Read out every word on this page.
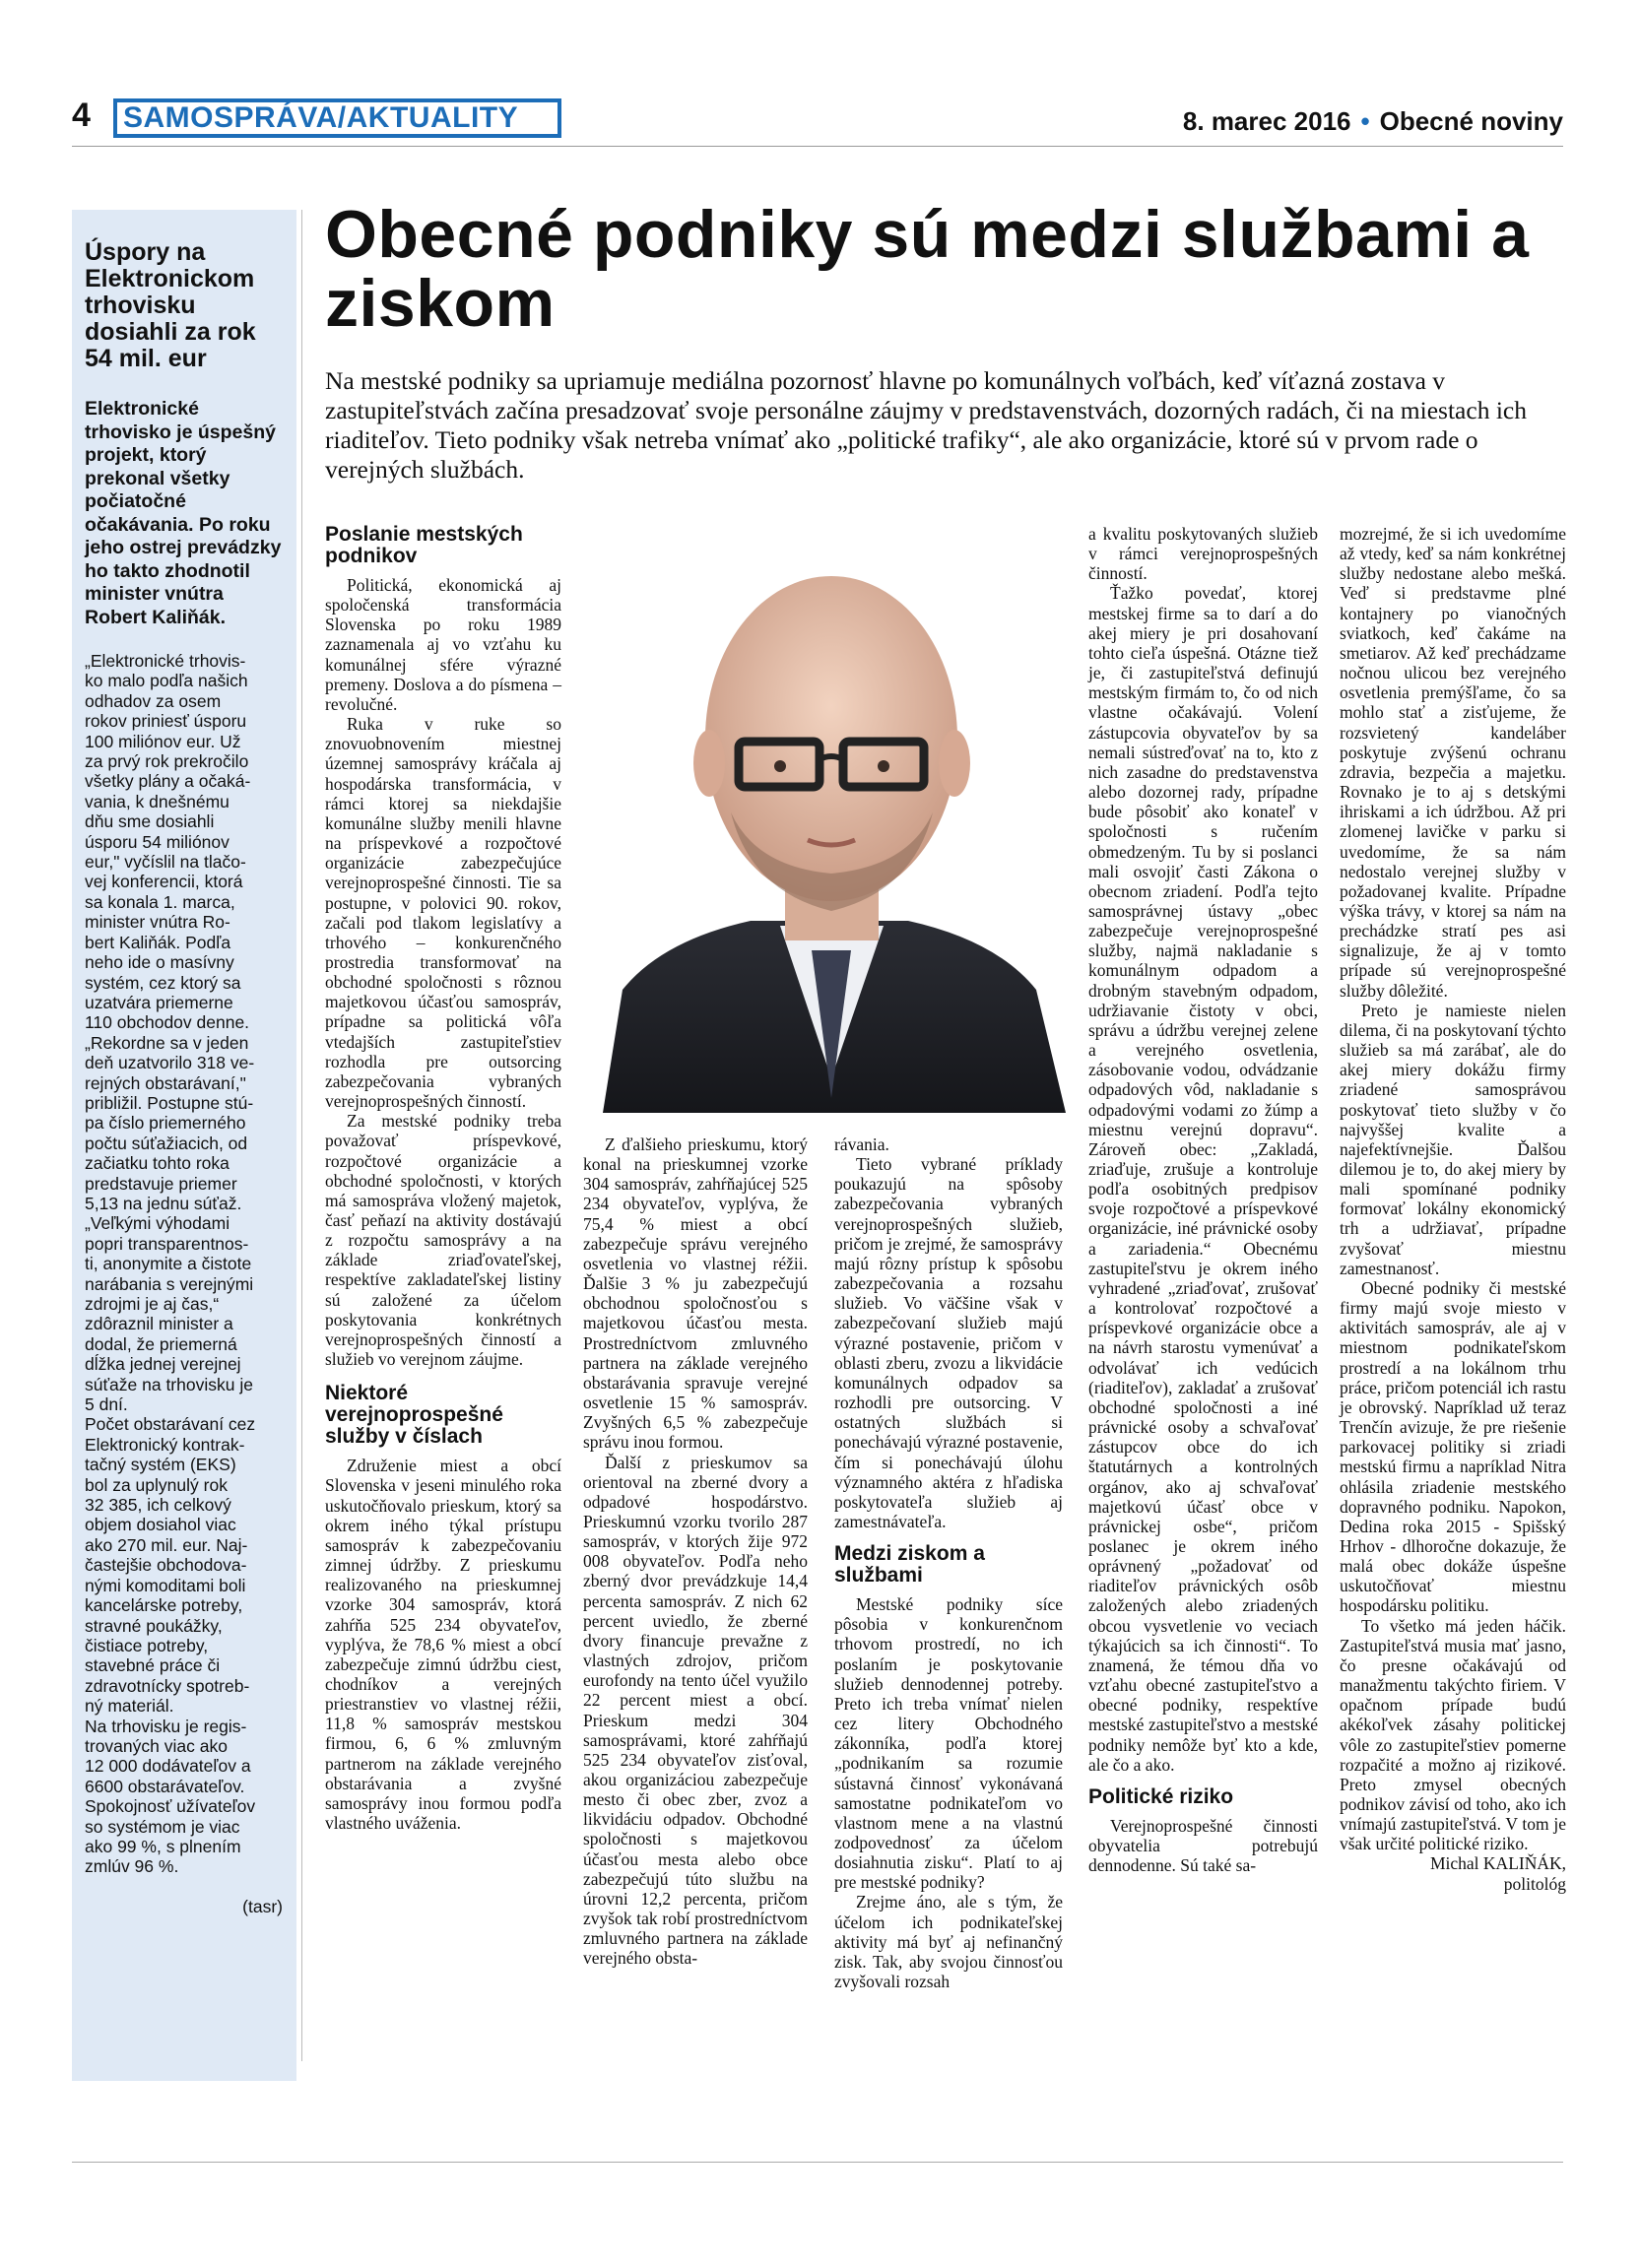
4	SAMOSPRÁVA/AKTUALITY	8. marec 2016 • Obecné noviny
Úspory na Elektronickom trhovisku dosiahli za rok 54 mil. eur

Elektronické trhovisko je úspešný projekt, ktorý prekonal všetky počiatočné očakávania. Po roku jeho ostrej prevádzky ho takto zhodnotil minister vnútra Robert Kaliňák.

„Elektronické trhovis-
ko malo podľa našich
odhadov za osem
rokov priniesť úsporu
100 miliónov eur. Už
za prvý rok prekročilo
všetky plány a očaká-
vania, k dnešnému
dňu sme dosiahli
úsporu 54 miliónov
eur," vyčíslil na tlačo-
vej konferencii, ktorá
sa konala 1. marca,
minister vnútra Ro-
bert Kaliňák. Podľa
neho ide o masívny
systém, cez ktorý sa
uzatvára priemerne
110 obchodov denne.
„Rekordne sa v jeden
deň uzatvorilo 318 ve-
rejných obstarávaní,"
približil. Postupne stú-
pa číslo priemerného
počtu súťažiacich, od
začiatku tohto roka
predstavuje priemer
5,13 na jednu súťaž.
„Veľkými výhodami
popri transparentnos-
ti, anonymite a čistote
narábania s verejnými
zdrojmi je aj čas,“
zdôraznil minister a
dodal, že priemerná
dĺžka jednej verejnej
súťaže na trhovisku je
5 dní.
Počet obstarávaní cez
Elektronický kontrak-
tačný systém (EKS)
bol za uplynulý rok
32 385, ich celkový
objem dosiahol viac
ako 270 mil. eur. Naj-
častejšie obchodova-
nými komoditami boli
kancelárske potreby,
stravné poukážky,
čistiace potreby,
stavebné práce či
zdravotnícky spotreb-
ný materiál.
Na trhovisku je regis-
trovaných viac ako
12 000 dodávateľov a
6600 obstarávateľov.
Spokojnosť užívateľov
so systémom je viac
ako 99 %, s plnením
zmlúv 96 %.

(tasr)
Obecné podniky sú medzi službami a ziskom

Na mestské podniky sa upriamuje mediálna pozornosť hlavne po komunálnych voľbách, keď víťazná zostava v zastupiteľstvách začína presadzovať svoje personálne záujmy v predstavenstvách, dozorných radách, či na miestach ich riaditeľov. Tieto podniky však netreba vnímať ako „politické trafiky“, ale ako organizácie, ktoré sú v prvom rade o verejných službách.

Poslanie mestských podnikov

Politická, ekonomická aj spoločenská transformácia Slovenska po roku 1989 zaznamenala aj vo vzťahu ku komunálnej sfére výrazné premeny. Doslova a do písmena – revolučné.

Ruka v ruke so znovuobnovením miestnej územnej samosprávy kráčala aj hospodárska transformácia, v rámci ktorej sa niekdajšie komunálne služby menili hlavne na príspevkové a rozpočtové organizácie zabezpečujúce verejnoprospešné činnosti. Tie sa postupne, v polovici 90. rokov, začali pod tlakom legislatívy a trhového – konkurenčného prostredia transformovať na obchodné spoločnosti s rôznou majetkovou účasťou samospráv, prípadne sa politická vôľa vtedajších zastupiteľstiev rozhodla pre outsorcing zabezpečovania vybraných verejnoprospešných činností.

Za mestské podniky treba považovať príspevkové, rozpočtové organizácie a obchodné spoločnosti, v ktorých má samospráva vložený majetok, časť peňazí na aktivity dostávajú z rozpočtu samosprávy a na základe zriaďovateľskej, respektíve zakladateľskej listiny sú založené za účelom poskytovania konkrétnych verejnoprospešných činností a služieb vo verejnom záujme.

Niektoré verejnoprospešné služby v číslach

Združenie miest a obcí Slovenska v jeseni minulého roka uskutočňovalo prieskum, ktorý sa okrem iného týkal prístupu samospráv k zabezpečovaniu zimnej údržby. Z prieskumu realizovaného na prieskumnej vzorke 304 samospráv, ktorá zahŕňa 525 234 obyvateľov, vyplýva, že 78,6 % miest a obcí zabezpečuje zimnú údržbu ciest, chodníkov a verejných priestranstiev vo vlastnej réžii, 11,8 % samospráv mestskou firmou, 6, 6 % zmluvným partnerom na základe verejného obstarávania a zvyšné samosprávy inou formou podľa vlastného uváženia.

Z ďalšieho prieskumu, ktorý konal na prieskumnej vzorke 304 samospráv, zahŕňajúcej 525 234 obyvateľov, vyplýva, že 75,4 % miest a obcí zabezpečuje správu verejného osvetlenia vo vlastnej réžii. Ďalšie 3 % ju zabezpečujú obchodnou spoločnosťou s majetkovou účasťou mesta. Prostredníctvom zmluvného partnera na základe verejného obstarávania spravuje verejné osvetlenie 15 % samospráv. Zvyšných 6,5 % zabezpečuje správu inou formou.

Ďalší z prieskumov sa orientoval na zberné dvory a odpadové hospodárstvo. Prieskumnú vzorku tvorilo 287 samospráv, v ktorých žije 972 008 obyvateľov. Podľa neho zberný dvor prevádzkuje 14,4 percenta samospráv. Z nich 62 percent uviedlo, že zberné dvory financuje prevažne z vlastných zdrojov, pričom eurofondy na tento účel využilo 22 percent miest a obcí. Prieskum medzi 304 samosprávami, ktoré zahŕňajú 525 234 obyvateľov zisťoval, akou organizáciou zabezpečuje mesto či obec zber, zvoz a likvidáciu odpadov. Obchodné spoločnosti s majetkovou účasťou mesta alebo obce zabezpečujú túto službu na úrovni 12,2 percenta, pričom zvyšok tak robí prostredníctvom zmluvného partnera na základe verejného obsta-

rávania.

Tieto vybrané príklady poukazujú na spôsoby zabezpečovania vybraných verejnoprospešných služieb, pričom je zrejmé, že samosprávy majú rôzny prístup k spôsobu zabezpečovania a rozsahu služieb. Vo väčšine však v zabezpečovaní služieb majú výrazné postavenie, pričom v oblasti zberu, zvozu a likvidácie komunálnych odpadov sa rozhodli pre outsorcing. V ostatných službách si ponechávajú výrazné postavenie, čím si ponechávajú úlohu významného aktéra z hľadiska poskytovateľa služieb aj zamestnávateľa.

Medzi ziskom a službami

Mestské podniky síce pôsobia v konkurenčnom trhovom prostredí, no ich poslaním je poskytovanie služieb dennodennej potreby. Preto ich treba vnímať nielen cez litery Obchodného zákonníka, podľa ktorej „podnikaním sa rozumie sústavná činnosť vykonávaná samostatne podnikateľom vo vlastnom mene a na vlastnú zodpovednosť za účelom dosiahnutia zisku“. Platí to aj pre mestské podniky?

Zrejme áno, ale s tým, že účelom ich podnikateľskej aktivity má byť aj nefinančný zisk. Tak, aby svojou činnosťou zvyšovali rozsah

a kvalitu poskytovaných služieb v rámci verejnoprospešných činností.

Ťažko povedať, ktorej mestskej firme sa to darí a do akej miery je pri dosahovaní tohto cieľa úspešná. Otázne tiež je, či zastupiteľstvá definujú mestským firmám to, čo od nich vlastne očakávajú. Volení zástupcovia obyvateľov by sa nemali sústreďovať na to, kto z nich zasadne do predstavenstva alebo dozornej rady, prípadne bude pôsobiť ako konateľ v spoločnosti s ručením obmedzeným. Tu by si poslanci mali osvojiť časti Zákona o obecnom zriadení. Podľa tejto samosprávnej ústavy „obec zabezpečuje verejnoprospešné služby, najmä nakladanie s komunálnym odpadom a drobným stavebným odpadom, udržiavanie čistoty v obci, správu a údržbu verejnej zelene a verejného osvetlenia, zásobovanie vodou, odvádzanie odpadových vôd, nakladanie s odpadovými vodami zo žúmp a miestnu verejnú dopravu“. Zároveň obec: „Zakladá, zriaďuje, zrušuje a kontroluje podľa osobitných predpisov svoje rozpočtové a príspevkové organizácie, iné právnické osoby a zariadenia.“ Obecnému zastupiteľstvu je okrem iného vyhradené „zriaďovať, zrušovať a kontrolovať rozpočtové a príspevkové organizácie obce a na návrh starostu vymenúvať a odvolávať ich vedúcich (riaditeľov), zakladať a zrušovať obchodné spoločnosti a iné právnické osoby a schvaľovať zástupcov obce do ich štatutárnych a kontrolných orgánov, ako aj schvaľovať majetkovú účasť obce v právnickej osbe“, pričom poslanec je okrem iného oprávnený „požadovať od riaditeľov právnických osôb založených alebo zriadených obcou vysvetlenie vo veciach týkajúcich sa ich činnosti“. To znamená, že témou dňa vo vzťahu obecné zastupiteľstvo a obecné podniky, respektíve mestské zastupiteľstvo a mestské podniky nemôže byť kto a kde, ale čo a ako.

Politické riziko

Verejnoprospešné činnosti obyvatelia potrebujú dennodenne. Sú také sa-

mozrejmé, že si ich uvedomíme až vtedy, keď sa nám konkrétnej služby nedostane alebo mešká. Veď si predstavme plné kontajnery po vianočných sviatkoch, keď čakáme na smetiarov. Až keď prechádzame nočnou ulicou bez verejného osvetlenia premýšľame, čo sa mohlo stať a zisťujeme, že rozsvietený kandeláber poskytuje zvýšenú ochranu zdravia, bezpečia a majetku. Rovnako je to aj s detskými ihriskami a ich údržbou. Až pri zlomenej lavičke v parku si uvedomíme, že sa nám nedostalo verejnej služby v požadovanej kvalite. Prípadne výška trávy, v ktorej sa nám na prechádzke stratí pes asi signalizuje, že aj v tomto prípade sú verejnoprospešné služby dôležité.

Preto je namieste nielen dilema, či na poskytovaní týchto služieb sa má zarábať, ale do akej miery dokážu firmy zriadené samosprávou poskytovať tieto služby v čo najvyššej kvalite a najefektívnejšie. Ďalšou dilemou je to, do akej miery by mali spomínané podniky formovať lokálny ekonomický trh a udržiavať, prípadne zvyšovať miestnu zamestnanosť.

Obecné podniky či mestské firmy majú svoje miesto v aktivitách samospráv, ale aj v miestnom podnikateľskom prostredí a na lokálnom trhu práce, pričom potenciál ich rastu je obrovský. Napríklad už teraz Trenčín avizuje, že pre riešenie parkovacej politiky si zriadi mestskú firmu a napríklad Nitra ohlásila zriadenie mestského dopravného podniku. Napokon, Dedina roka 2015 - Spišský Hrhov - dlhoročne dokazuje, že malá obec dokáže úspešne uskutočňovať miestnu hospodársku politiku.

To všetko má jeden háčik. Zastupiteľstvá musia mať jasno, čo presne očakávajú od manažmentu takýchto firiem. V opačnom prípade budú akékoľvek zásahy politickej vôle zo zastupiteľstiev pomerne rozpačité a možno aj rizikové. Preto zmysel obecných podnikov závisí od toho, ako ich vnímajú zastupiteľstvá. V tom je však určité politické riziko.

Michal KALIŇÁK,

politológ
